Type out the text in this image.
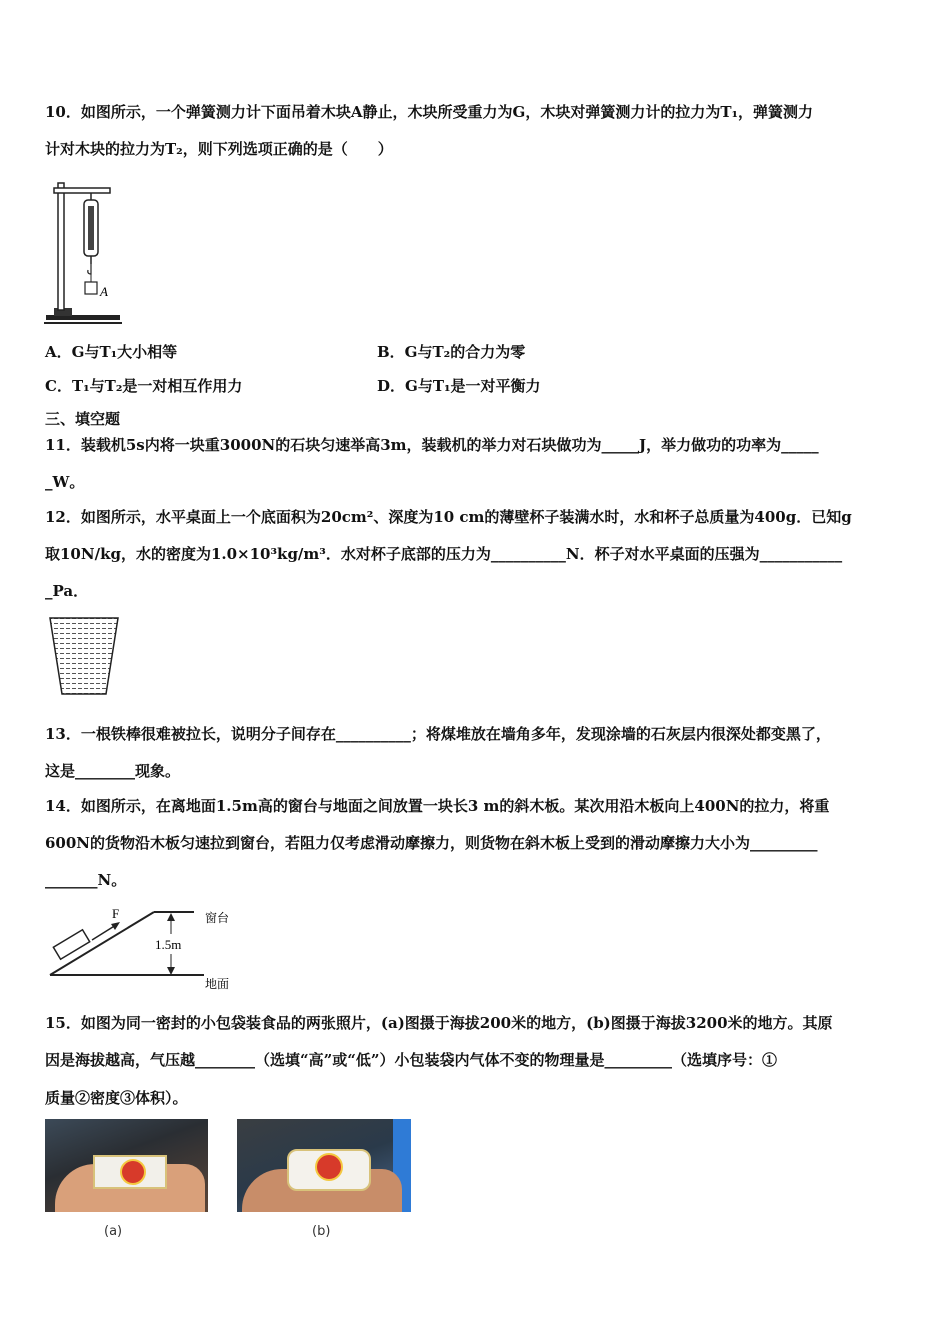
10．如图所示，一个弹簧测力计下面吊着木块A静止，木块所受重力为G，木块对弹簧测力计的拉力为T₁，弹簧测力
计对木块的拉力为T₂，则下列选项正确的是（　　）
A
A．G与T₁大小相等	B．G与T₂的合力为零
C．T₁与T₂是一对相互作用力	D．G与T₁是一对平衡力
三、填空题
11．装载机5s内将一块重3000N的石块匀速举高3m，装载机的举力对石块做功为_____J，举力做功的功率为_____
_W。
12．如图所示，水平桌面上一个底面积为20cm²、深度为10 cm的薄壁杯子装满水时，水和杯子总质量为400g．已知g
取10N/kg，水的密度为1.0×10³kg/m³．水对杯子底部的压力为__________N．杯子对水平桌面的压强为___________
_Pa．
13．一根铁棒很难被拉长，说明分子间存在__________；将煤堆放在墙角多年，发现涂墙的石灰层内很深处都变黑了，
这是________现象。
14．如图所示，在离地面1.5m高的窗台与地面之间放置一块长3 m的斜木板。某次用沿木板向上400N的拉力，将重
600N的货物沿木板匀速拉到窗台，若阻力仅考虑滑动摩擦力，则货物在斜木板上受到的滑动摩擦力大小为_________
_______N。
F
1.5m
窗台
地面
15．如图为同一密封的小包袋装食品的两张照片，(a)图摄于海拔200米的地方，(b)图摄于海拔3200米的地方。其原
因是海拔越高，气压越________（选填“高”或“低”）小包装袋内气体不变的物理量是_________（选填序号：①
质量②密度③体积）。
(a)	(b)
